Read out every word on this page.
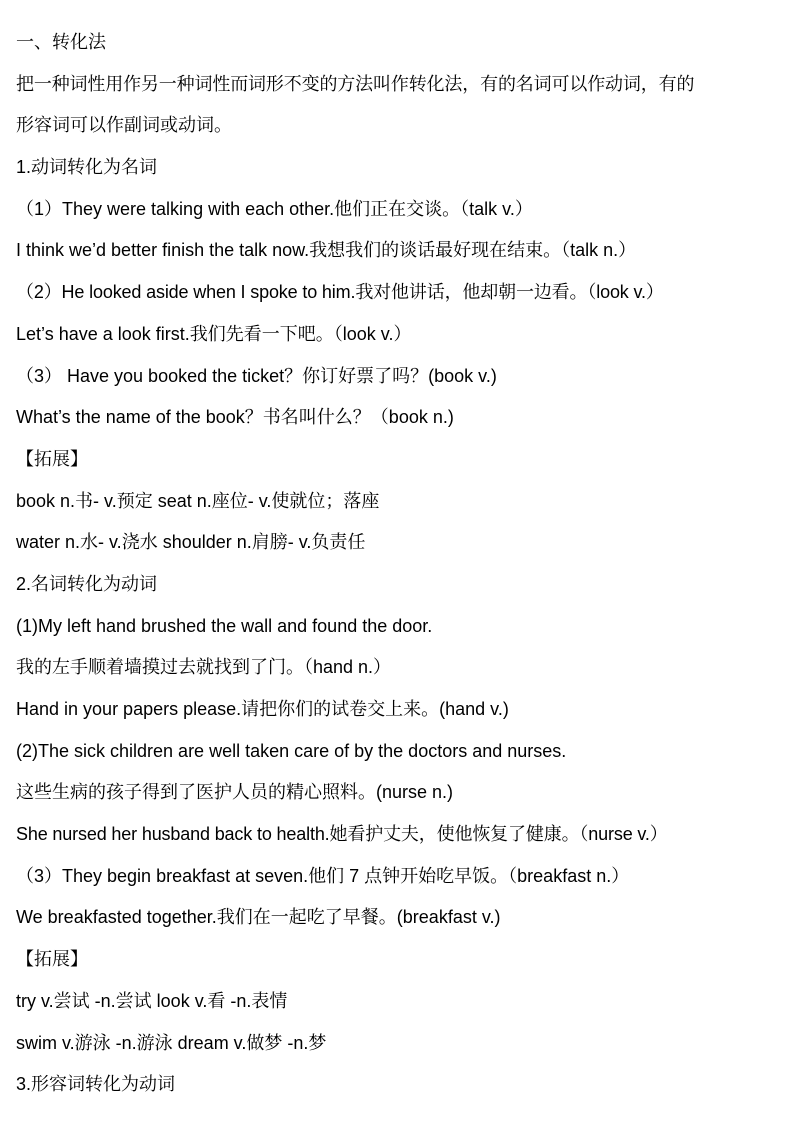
一、转化法
把一种词性用作另一种词性而词形不变的方法叫作转化法，有的名词可以作动词，有的
形容词可以作副词或动词。
1.动词转化为名词
（1）They were talking with each other.他们正在交谈。（talk v.）
I think we’d better finish the talk now.我想我们的谈话最好现在结束。（talk n.）
（2）He looked aside when I spoke to him.我对他讲话，他却朝一边看。（look v.）
Let’s have a look first.我们先看一下吧。（look v.）
（3） Have you booked the ticket？你订好票了吗？(book v.)
What’s the name of the book？书名叫什么？（book n.)
【拓展】
book n.书- v.预定 seat n.座位- v.使就位；落座
water n.水- v.浇水 shoulder n.肩膀- v.负责任
2.名词转化为动词
(1)My left hand brushed the wall and found the door.
我的左手顺着墙摸过去就找到了门。（hand n.）
Hand in your papers please.请把你们的试卷交上来。(hand v.)
(2)The sick children are well taken care of by the doctors and nurses.
这些生病的孩子得到了医护人员的精心照料。(nurse n.)
She nursed her husband back to health.她看护丈夫，使他恢复了健康。（nurse v.）
（3）They begin breakfast at seven.他们 7 点钟开始吃早饭。（breakfast n.）
We breakfasted together.我们在一起吃了早餐。(breakfast v.)
【拓展】
try v.尝试 -n.尝试 look v.看 -n.表情
swim v.游泳 -n.游泳 dream v.做梦 -n.梦
3.形容词转化为动词
